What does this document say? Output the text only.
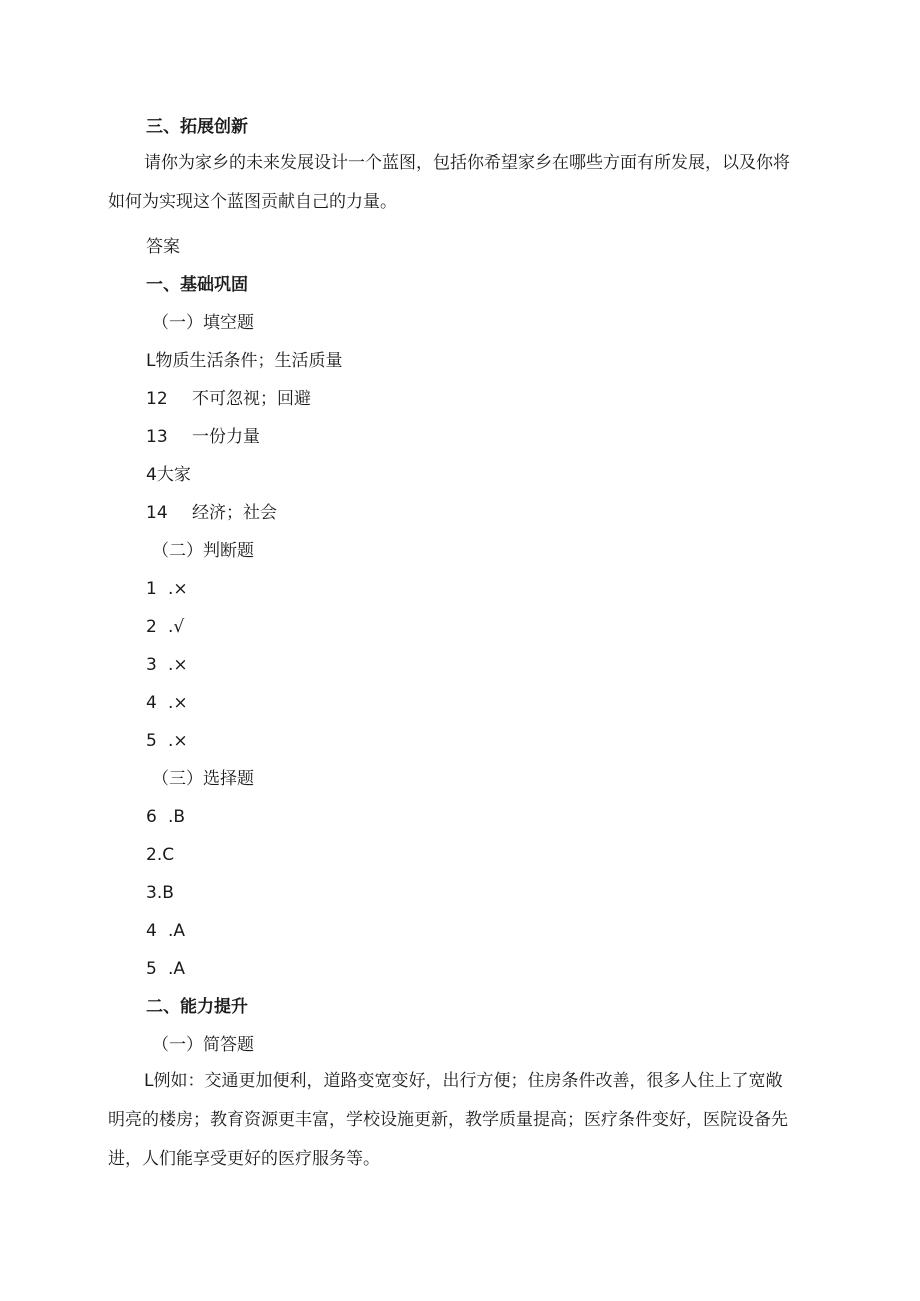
三、拓展创新
请你为家乡的未来发展设计一个蓝图，包括你希望家乡在哪些方面有所发展，以及你将如何为实现这个蓝图贡献自己的力量。
答案
一、基础巩固
（一）填空题
L物质生活条件；生活质量
12 不可忽视；回避
13 一份力量
4大家
14 经济；社会
（二）判断题
1 .×
2 .√
3 .×
4 .×
5 .×
（三）选择题
6 .B
2.C
3.B
4 .A
5 .A
二、能力提升
（一）简答题
L例如：交通更加便利，道路变宽变好，出行方便；住房条件改善，很多人住上了宽敞明亮的楼房；教育资源更丰富，学校设施更新，教学质量提高；医疗条件变好，医院设备先进，人们能享受更好的医疗服务等。
